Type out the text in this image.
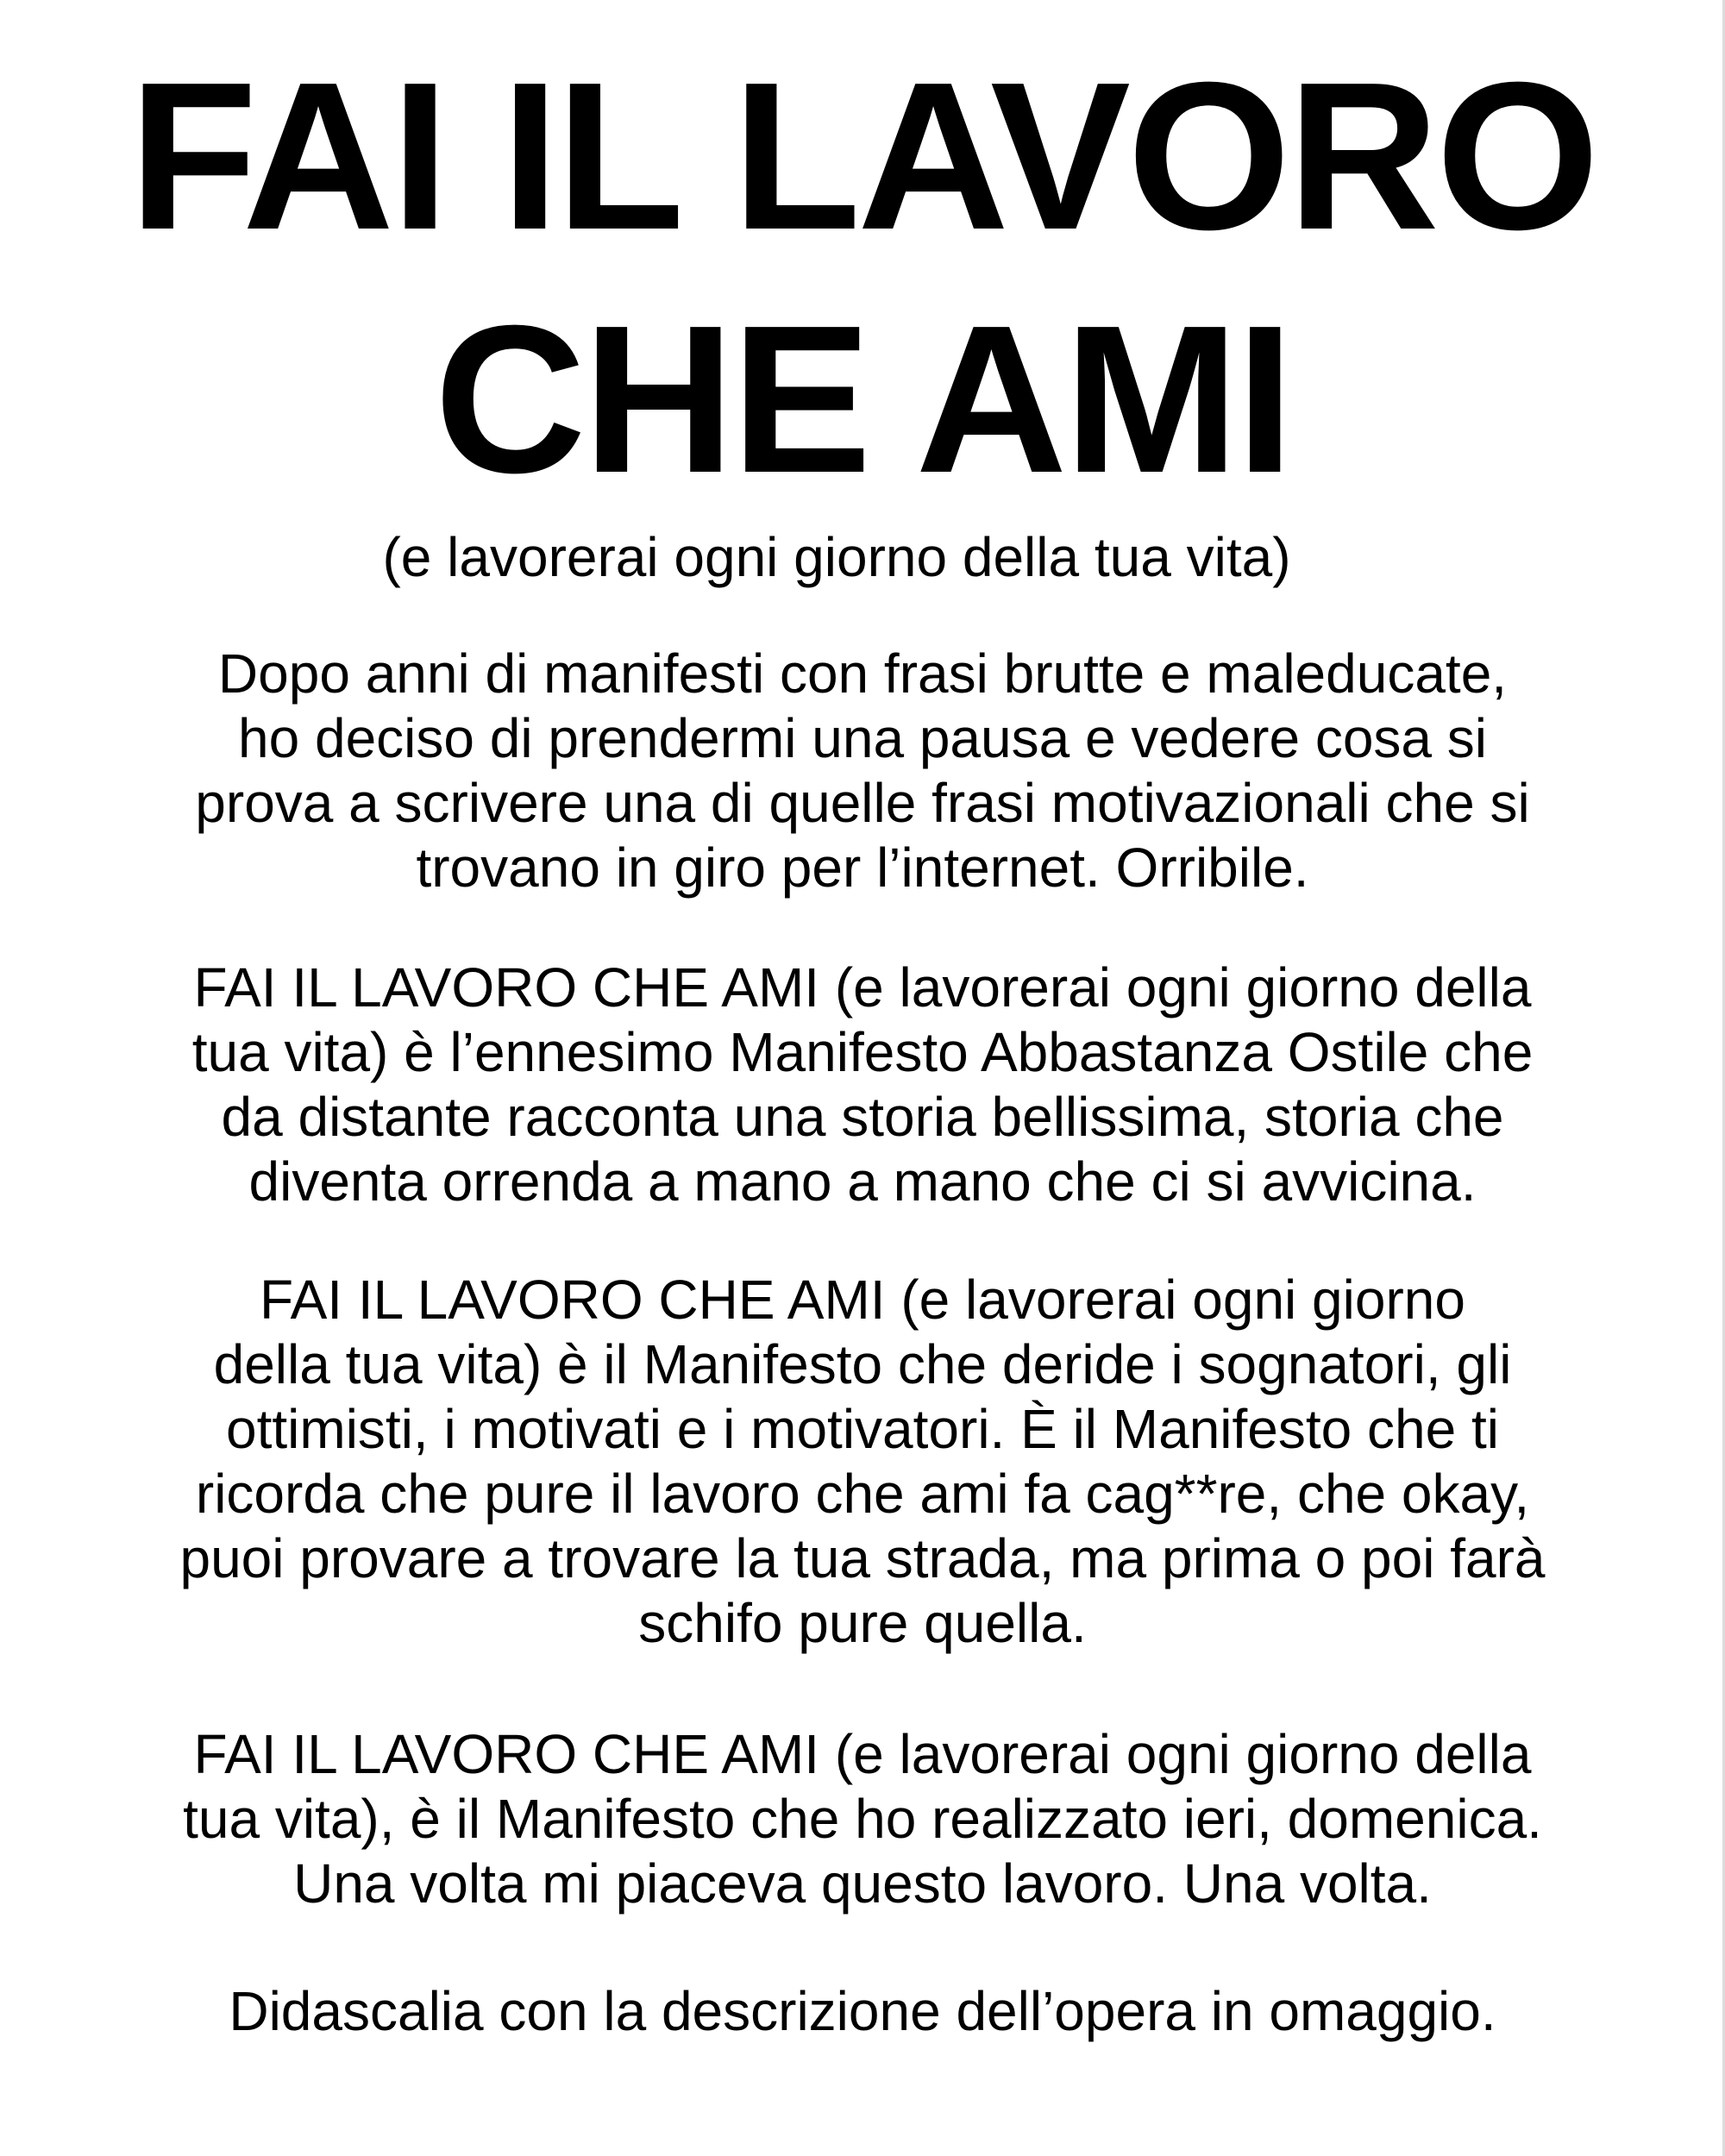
FAI IL LAVORO
CHE AMI
(e lavorerai ogni giorno della tua vita)
Dopo anni di manifesti con frasi brutte e maleducate,
ho deciso di prendermi una pausa e vedere cosa si
prova a scrivere una di quelle frasi motivazionali che si
trovano in giro per l’internet. Orribile.
FAI IL LAVORO CHE AMI (e lavorerai ogni giorno della
tua vita) è l’ennesimo Manifesto Abbastanza Ostile che
da distante racconta una storia bellissima, storia che
diventa orrenda a mano a mano che ci si avvicina.
FAI IL LAVORO CHE AMI (e lavorerai ogni giorno
della tua vita) è il Manifesto che deride i sognatori, gli
ottimisti, i motivati e i motivatori. È il Manifesto che ti
ricorda che pure il lavoro che ami fa cag**re, che okay,
puoi provare a trovare la tua strada, ma prima o poi farà
schifo pure quella.
FAI IL LAVORO CHE AMI (e lavorerai ogni giorno della
tua vita), è il Manifesto che ho realizzato ieri, domenica.
Una volta mi piaceva questo lavoro. Una volta.
Didascalia con la descrizione dell’opera in omaggio.
